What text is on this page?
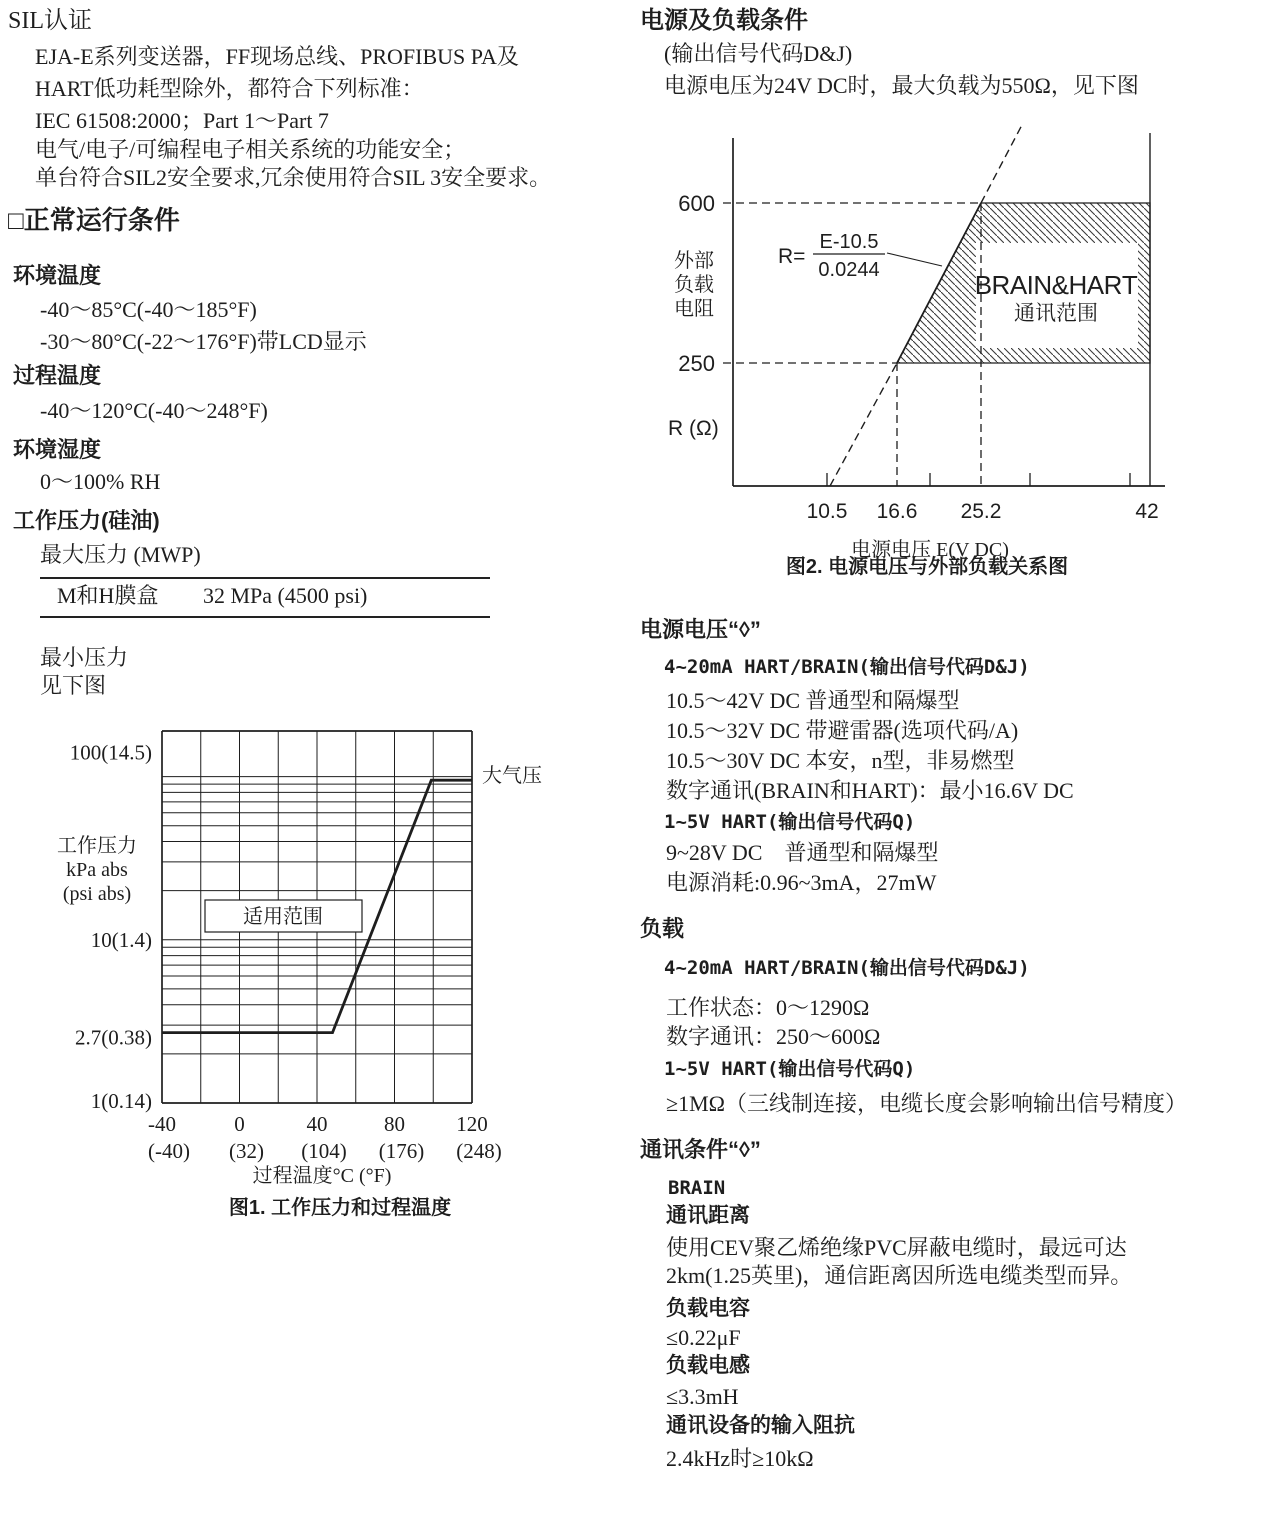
SIL认证
EJA-E系列变送器，FF现场总线、PROFIBUS PA及
HART低功耗型除外，都符合下列标准：
IEC 61508:2000；Part 1～Part 7
电气/电子/可编程电子相关系统的功能安全；
单台符合SIL2安全要求,冗余使用符合SIL 3安全要求。
□正常运行条件
环境温度
-40～85°C(-40～185°F)
-30～80°C(-22～176°F)带LCD显示
过程温度
-40～120°C(-40～248°F)
环境湿度
0～100% RH
工作压力(硅油)
最大压力 (MWP)
M和H膜盒 32 MPa (4500 psi)
最小压力
见下图
适用范围
大气压
100(14.5)
10(1.4)
2.7(0.38)
1(0.14)
-40
(-40)
0
(32)
40
(104)
80
(176)
120
(248)
工作压力
kPa abs
(psi abs)
过程温度°C (°F)
图1. 工作压力和过程温度
电源及负载条件
(输出信号代码D&J)
电源电压为24V DC时，最大负载为550Ω，见下图
600
250
10.5 16.6 25.2	42
外部
负载
电阻
R (Ω)
R=
E-10.5
0.0244	BRAIN&HART
通讯范围
电源电压 E(V DC)
图2. 电源电压与外部负载关系图
电源电压“◊”
4~20mA HART/BRAIN(输出信号代码D&J)
10.5～42V DC 普通型和隔爆型
10.5～32V DC 带避雷器(选项代码/A)
10.5～30V DC 本安，n型，非易燃型
数字通讯(BRAIN和HART)：最小16.6V DC
1~5V HART(输出信号代码Q)
9~28V DC　普通型和隔爆型
电源消耗:0.96~3mA，27mW
负载
4~20mA HART/BRAIN(输出信号代码D&J)
工作状态：0～1290Ω
数字通讯：250～600Ω
1~5V HART(输出信号代码Q)
≥1MΩ（三线制连接，电缆长度会影响输出信号精度）
通讯条件“◊”
BRAIN
通讯距离
使用CEV聚乙烯绝缘PVC屏蔽电缆时，最远可达
2km(1.25英里)，通信距离因所选电缆类型而异。
负载电容
≤0.22μF
负载电感
≤3.3mH
通讯设备的输入阻抗
2.4kHz时≥10kΩ
